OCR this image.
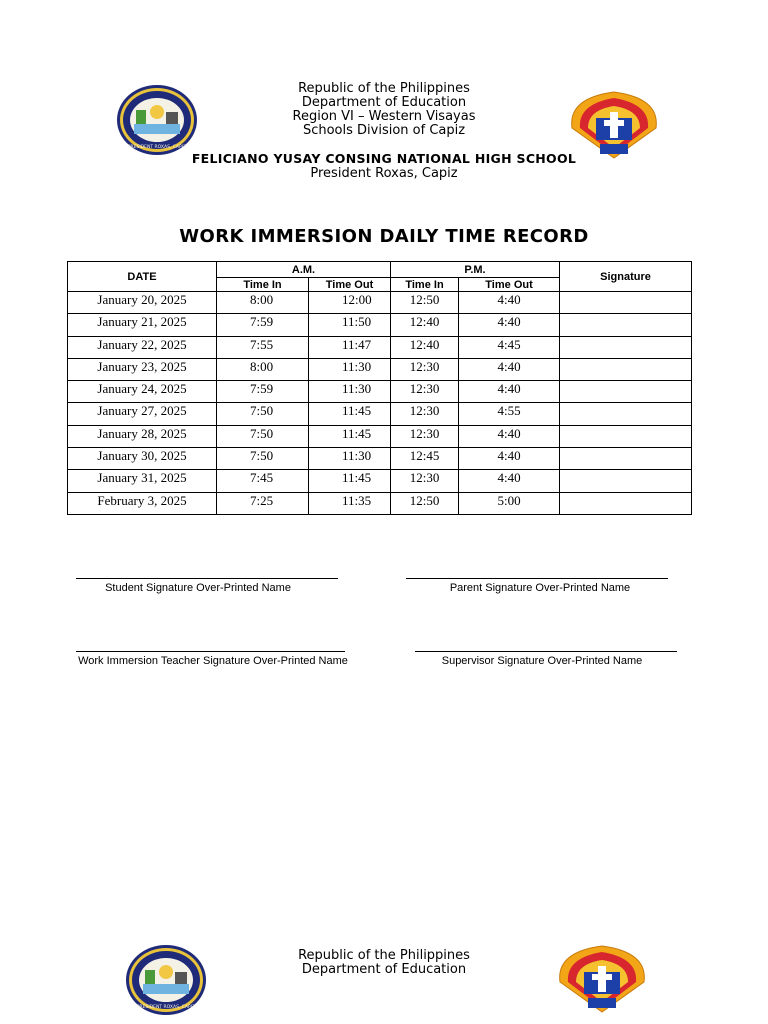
PRESIDENT ROXAS, CAPIZ
Republic of the Philippines
Department of Education
Region VI – Western Visayas
Schools Division of Capiz
FELICIANO YUSAY CONSING NATIONAL HIGH SCHOOL
President Roxas, Capiz
WORK IMMERSION DAILY TIME RECORD
DATE	A.M.		P.M.		Signature
	Time In	Time Out	Time In	Time Out	
January 20, 2025	8:00	12:00	12:50	4:40	
January 21, 2025	7:59	11:50	12:40	4:40	
January 22, 2025	7:55	11:47	12:40	4:45	
January 23, 2025	8:00	11:30	12:30	4:40	
January 24, 2025	7:59	11:30	12:30	4:40	
January 27, 2025	7:50	11:45	12:30	4:55	
January 28, 2025	7:50	11:45	12:30	4:40	
January 30, 2025	7:50	11:30	12:45	4:40	
January 31, 2025	7:45	11:45	12:30	4:40	
February 3, 2025	7:25	11:35	12:50	5:00	
Student Signature Over-Printed Name	Parent Signature Over-Printed Name
Work Immersion Teacher Signature Over-Printed Name	Supervisor Signature Over-Printed Name
PRESIDENT ROXAS, CAPIZ
Republic of the Philippines
Department of Education
